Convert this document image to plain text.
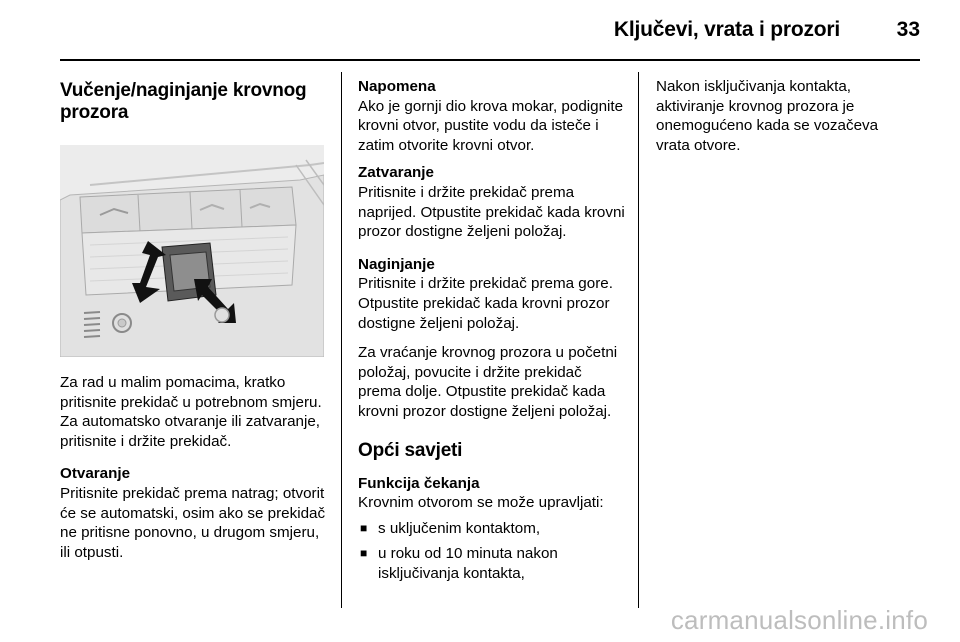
Ključevi, vrata i prozori	33

Vučenje/naginjanje krovnog prozora

Za rad u malim pomacima, kratko pritisnite prekidač u potrebnom smjeru. Za automatsko otvaranje ili zatvaranje, pritisnite i držite prekidač.

Otvaranje

Pritisnite prekidač prema natrag; otvorit će se automatski, osim ako se prekidač ne pritisne ponovno, u drugom smjeru, ili otpusti.

Napomena

Ako je gornji dio krova mokar, podignite krovni otvor, pustite vodu da isteče i zatim otvorite krovni otvor.

Zatvaranje

Pritisnite i držite prekidač prema naprijed. Otpustite prekidač kada krovni prozor dostigne željeni položaj.

Naginjanje

Pritisnite i držite prekidač prema gore. Otpustite prekidač kada krovni prozor dostigne željeni položaj.

Za vraćanje krovnog prozora u početni položaj, povucite i držite prekidač prema dolje. Otpustite prekidač kada krovni prozor dostigne željeni položaj.

Opći savjeti

Funkcija čekanja

Krovnim otvorom se može upravljati:

■ s uključenim kontaktom,
■ u roku od 10 minuta nakon isključivanja kontakta,

Nakon isključivanja kontakta, aktiviranje krovnog prozora je onemogućeno kada se vozačeva vrata otvore.

carmanualsonline.info
